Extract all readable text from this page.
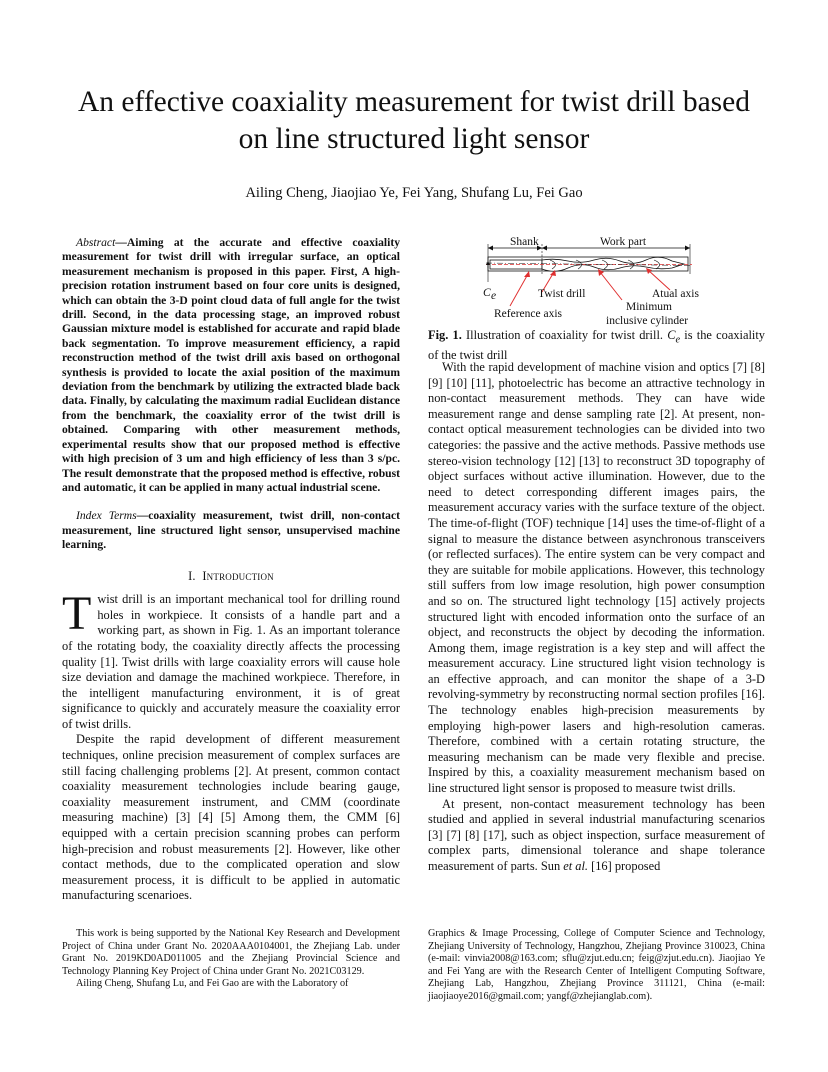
An effective coaxiality measurement for twist drill based on line structured light sensor
Ailing Cheng, Jiaojiao Ye, Fei Yang, Shufang Lu, Fei Gao

Abstract—Aiming at the accurate and effective coaxiality measurement for twist drill with irregular surface, an optical measurement mechanism is proposed in this paper. First, A high-precision rotation instrument based on four core units is designed, which can obtain the 3-D point cloud data of full angle for the twist drill. Second, in the data processing stage, an improved robust Gaussian mixture model is established for accurate and rapid blade back segmentation. To improve measurement efficiency, a rapid reconstruction method of the twist drill axis based on orthogonal synthesis is provided to locate the axial position of the maximum deviation from the benchmark by utilizing the extracted blade back data. Finally, by calculating the maximum radial Euclidean distance from the benchmark, the coaxiality error of the twist drill is obtained. Comparing with other measurement methods, experimental results show that our proposed method is effective with high precision of 3 um and high efficiency of less than 3 s/pc. The result demonstrate that the proposed method is effective, robust and automatic, it can be applied in many actual industrial scene.

Index Terms—coaxiality measurement, twist drill, non-contact measurement, line structured light sensor, unsupervised machine learning.

I. Introduction

Twist drill is an important mechanical tool for drilling round holes in workpiece. It consists of a handle part and a working part, as shown in Fig. 1. As an important tolerance of the rotating body, the coaxiality directly affects the processing quality [1]. Twist drills with large coaxiality errors will cause hole size deviation and damage the machined workpiece. Therefore, in the intelligent manufacturing environment, it is of great significance to quickly and accurately measure the coaxiality error of twist drills.

Despite the rapid development of different measurement techniques, online precision measurement of complex surfaces are still facing challenging problems [2]. At present, common contact coaxiality measurement technologies include bearing gauge, coaxiality measurement instrument, and CMM (coordinate measuring machine) [3] [4] [5] Among them, the CMM [6] equipped with a certain precision scanning probes can perform high-precision and robust measurements [2]. However, like other contact methods, due to the complicated operation and slow measurement process, it is difficult to be applied in automatic manufacturing scenarioes.

Shank	Work part
C e	Twist drill	Atual axis
Minimum
inclusive cylinder
Reference axis
Fig. 1. Illustration of coaxiality for twist drill. $C_e$ is the coaxiality of the twist drill

With the rapid development of machine vision and optics [7] [8] [9] [10] [11], photoelectric has become an attractive technology in non-contact measurement methods. They can have wide measurement range and dense sampling rate [2]. At present, non-contact optical measurement technologies can be divided into two categories: the passive and the active methods. Passive methods use stereo-vision technology [12] [13] to reconstruct 3D topography of object surfaces without active illumination. However, due to the need to detect corresponding different images pairs, the measurement accuracy varies with the surface texture of the object. The time-of-flight (TOF) technique [14] uses the time-of-flight of a signal to measure the distance between asynchronous transceivers (or reflected surfaces). The entire system can be very compact and they are suitable for mobile applications. However, this technology still suffers from low image resolution, high power consumption and so on. The structured light technology [15] actively projects structured light with encoded information onto the surface of an object, and reconstructs the object by decoding the information. Among them, image registration is a key step and will affect the measurement accuracy. Line structured light vision technology is an effective approach, and can monitor the shape of a 3-D revolving-symmetry by reconstructing normal section profiles [16]. The technology enables high-precision measurements by employing high-power lasers and high-resolution cameras. Therefore, combined with a certain rotating structure, the measuring mechanism can be made very flexible and precise. Inspired by this, a coaxiality measurement mechanism based on line structured light sensor is proposed to measure twist drills.

At present, non-contact measurement technology has been studied and applied in several industrial manufacturing scenarios [3] [7] [8] [17], such as object inspection, surface measurement of complex parts, dimensional tolerance and shape tolerance measurement of parts. Sun et al. [16] proposed

This work is being supported by the National Key Research and Development Project of China under Grant No. 2020AAA0104001, the Zhejiang Lab. under Grant No. 2019KD0AD011005 and the Zhejiang Provincial Science and Technology Planning Key Project of China under Grant No. 2021C03129.

Ailing Cheng, Shufang Lu, and Fei Gao are with the Laboratory of

Graphics & Image Processing, College of Computer Science and Technology, Zhejiang University of Technology, Hangzhou, Zhejiang Province 310023, China (e-mail: vinvia2008@163.com; sflu@zjut.edu.cn; feig@zjut.edu.cn). Jiaojiao Ye and Fei Yang are with the Research Center of Intelligent Computing Software, Zhejiang Lab, Hangzhou, Zhejiang Province 311121, China (e-mail: jiaojiaoye2016@gmail.com; yangf@zhejianglab.com).
